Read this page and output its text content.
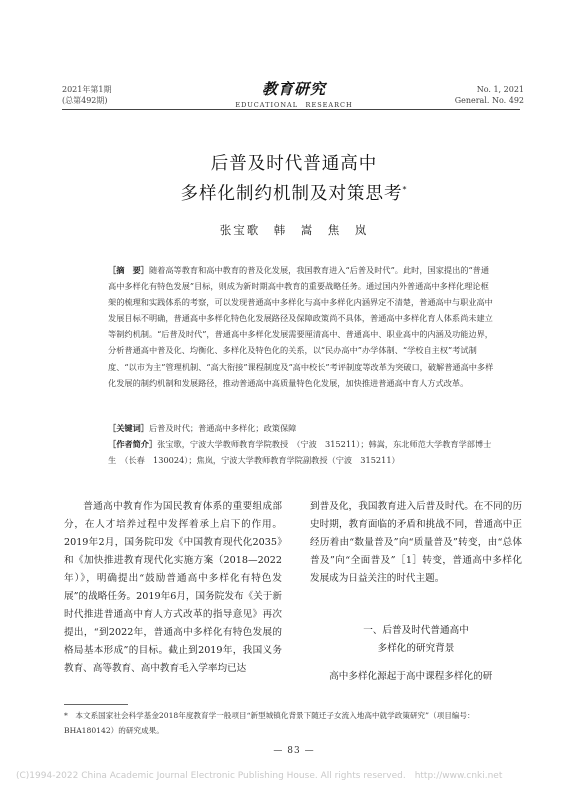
2021年第1期
(总第492期)
教育研究
EDUCATIONAL　RESEARCH
No. 1, 2021
General. No. 492
后普及时代普通高中
多样化制约机制及对策思考*
张宝歌　韩　嵩　焦　岚
［摘　要］随着高等教育和高中教育的普及化发展，我国教育进入“后普及时代”。此时，国家提出的“普通高中多样化有特色发展”目标，则成为新时期高中教育的重要战略任务。通过国内外普通高中多样化理论框架的梳理和实践体系的考察，可以发现普通高中多样化与高中多样化内涵界定不清楚，普通高中与职业高中发展目标不明确，普通高中多样化特色化发展路径及保障政策尚不具体，普通高中多样化育人体系尚未建立等制约机制。“后普及时代”，普通高中多样化发展需要厘清高中、普通高中、职业高中的内涵及功能边界，分析普通高中普及化、均衡化、多样化及特色化的关系，以“民办高中”办学体制、“学校自主权”考试制度、“以市为主”管理机制、“高大衔接”课程制度及“高中校长”考评制度等改革为突破口，破解普通高中多样化发展的制约机制和发展路径，推动普通高中高质量特色化发展，加快推进普通高中育人方式改革。
［关键词］后普及时代；普通高中多样化；政策保障
［作者简介］张宝歌，宁波大学教师教育学院教授　（宁波　315211）；韩嵩，东北师范大学教育学部博士生　（长春　130024）；焦岚，宁波大学教师教育学院副教授（宁波　315211）
普通高中教育作为国民教育体系的重要组成部分，在人才培养过程中发挥着承上启下的作用。2019年2月，国务院印发《中国教育现代化2035》和《加快推进教育现代化实施方案（2018—2022年）》，明确提出“鼓励普通高中多样化有特色发展”的战略任务。2019年6月，国务院发布《关于新时代推进普通高中育人方式改革的指导意见》再次提出，“到2022年，普通高中多样化有特色发展的格局基本形成”的目标。截止到2019年，我国义务教育、高等教育、高中教育毛入学率均已达
到普及化，我国教育进入后普及时代。在不同的历史时期，教育面临的矛盾和挑战不同，普通高中正经历着由“数量普及”向“质量普及”转变，由“总体普及”向“全面普及”［1］转变，普通高中多样化发展成为日益关注的时代主题。
一、后普及时代普通高中
多样化的研究背景
高中多样化源起于高中课程多样化的研
*　本文系国家社会科学基金2018年度教育学一般项目“新型城镇化背景下随迁子女流入地高中就学政策研究”（项目编号：BHA180142）的研究成果。
— 83 —
(C)1994-2022 China Academic Journal Electronic Publishing House. All rights reserved.　http://www.cnki.net
